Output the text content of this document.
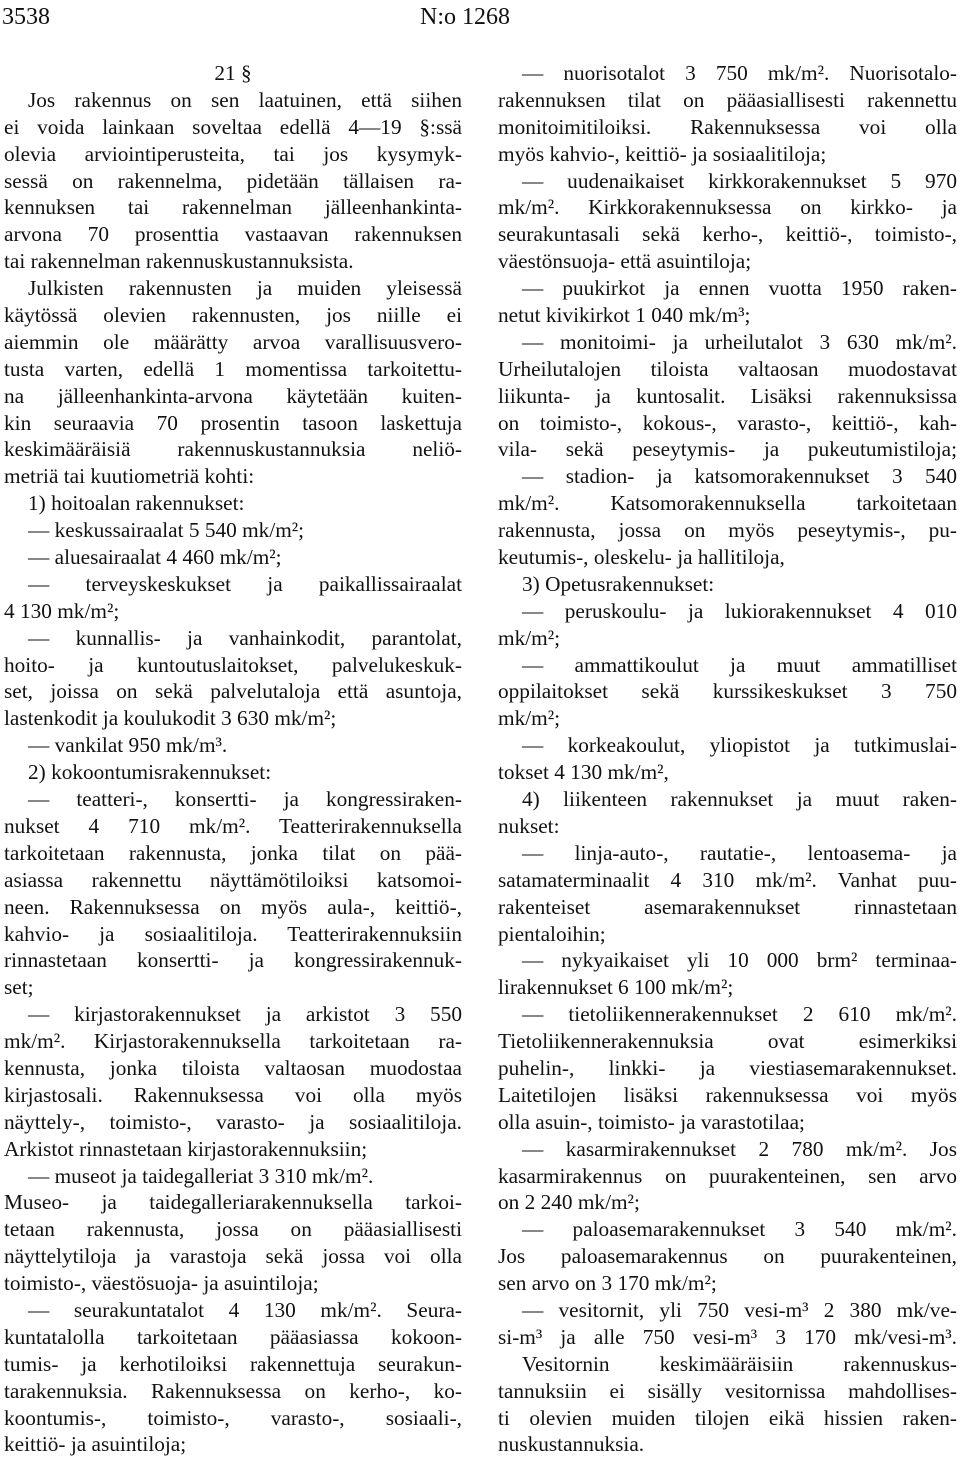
3538	N:o 1268
21 §
Jos rakennus on sen laatuinen, että siihen
ei voida lainkaan soveltaa edellä 4—19 §:ssä
olevia arviointiperusteita, tai jos kysymyk-
sessä on rakennelma, pidetään tällaisen ra-
kennuksen tai rakennelman jälleenhankinta-
arvona 70 prosenttia vastaavan rakennuksen
tai rakennelman rakennuskustannuksista.
Julkisten rakennusten ja muiden yleisessä
käytössä olevien rakennusten, jos niille ei
aiemmin ole määrätty arvoa varallisuusvero-
tusta varten, edellä 1 momentissa tarkoitettu-
na jälleenhankinta-arvona käytetään kuiten-
kin seuraavia 70 prosentin tasoon laskettuja
keskimääräisiä rakennuskustannuksia neliö-
metriä tai kuutiometriä kohti:
1) hoitoalan rakennukset:
— keskussairaalat 5 540 mk/m²;
— aluesairaalat 4 460 mk/m²;
— terveyskeskukset ja paikallissairaalat
4 130 mk/m²;
— kunnallis- ja vanhainkodit, parantolat,
hoito- ja kuntoutuslaitokset, palvelukeskuk-
set, joissa on sekä palvelutaloja että asuntoja,
lastenkodit ja koulukodit 3 630 mk/m²;
— vankilat 950 mk/m³.
2) kokoontumisrakennukset:
— teatteri-, konsertti- ja kongressiraken-
nukset 4 710 mk/m². Teatterirakennuksella
tarkoitetaan rakennusta, jonka tilat on pää-
asiassa rakennettu näyttämötiloiksi katsomoi-
neen. Rakennuksessa on myös aula-, keittiö-,
kahvio- ja sosiaalitiloja. Teatterirakennuksiin
rinnastetaan konsertti- ja kongressirakennuk-
set;
— kirjastorakennukset ja arkistot 3 550
mk/m². Kirjastorakennuksella tarkoitetaan ra-
kennusta, jonka tiloista valtaosan muodostaa
kirjastosali. Rakennuksessa voi olla myös
näyttely-, toimisto-, varasto- ja sosiaalitiloja.
Arkistot rinnastetaan kirjastorakennuksiin;
— museot ja taidegalleriat 3 310 mk/m².
Museo- ja taidegalleriarakennuksella tarkoi-
tetaan rakennusta, jossa on pääasiallisesti
näyttelytiloja ja varastoja sekä jossa voi olla
toimisto-, väestösuoja- ja asuintiloja;
— seurakuntatalot 4 130 mk/m². Seura-
kuntatalolla tarkoitetaan pääasiassa kokoon-
tumis- ja kerhotiloiksi rakennettuja seurakun-
tarakennuksia. Rakennuksessa on kerho-, ko-
koontumis-, toimisto-, varasto-, sosiaali-,
keittiö- ja asuintiloja;
— nuorisotalot 3 750 mk/m². Nuorisotalo-
rakennuksen tilat on pääasiallisesti rakennettu
monitoimitiloiksi. Rakennuksessa voi olla
myös kahvio-, keittiö- ja sosiaalitiloja;
— uudenaikaiset kirkkorakennukset 5 970
mk/m². Kirkkorakennuksessa on kirkko- ja
seurakuntasali sekä kerho-, keittiö-, toimisto-,
väestönsuoja- että asuintiloja;
— puukirkot ja ennen vuotta 1950 raken-
netut kivikirkot 1 040 mk/m³;
— monitoimi- ja urheilutalot 3 630 mk/m².
Urheilutalojen tiloista valtaosan muodostavat
liikunta- ja kuntosalit. Lisäksi rakennuksissa
on toimisto-, kokous-, varasto-, keittiö-, kah-
vila- sekä peseytymis- ja pukeutumistiloja;
— stadion- ja katsomorakennukset 3 540
mk/m². Katsomorakennuksella tarkoitetaan
rakennusta, jossa on myös peseytymis-, pu-
keutumis-, oleskelu- ja hallitiloja,
3) Opetusrakennukset:
— peruskoulu- ja lukiorakennukset 4 010
mk/m²;
— ammattikoulut ja muut ammatilliset
oppilaitokset sekä kurssikeskukset 3 750
mk/m²;
— korkeakoulut, yliopistot ja tutkimuslai-
tokset 4 130 mk/m²,
4) liikenteen rakennukset ja muut raken-
nukset:
— linja-auto-, rautatie-, lentoasema- ja
satamaterminaalit 4 310 mk/m². Vanhat puu-
rakenteiset asemarakennukset rinnastetaan
pientaloihin;
— nykyaikaiset yli 10 000 brm² terminaa-
lirakennukset 6 100 mk/m²;
— tietoliikennerakennukset 2 610 mk/m².
Tietoliikennerakennuksia ovat esimerkiksi
puhelin-, linkki- ja viestiasemarakennukset.
Laitetilojen lisäksi rakennuksessa voi myös
olla asuin-, toimisto- ja varastotilaa;
— kasarmirakennukset 2 780 mk/m². Jos
kasarmirakennus on puurakenteinen, sen arvo
on 2 240 mk/m²;
— paloasemarakennukset 3 540 mk/m².
Jos paloasemarakennus on puurakenteinen,
sen arvo on 3 170 mk/m²;
— vesitornit, yli 750 vesi-m³ 2 380 mk/ve-
si-m³ ja alle 750 vesi-m³ 3 170 mk/vesi-m³.
Vesitornin keskimääräisiin rakennuskus-
tannuksiin ei sisälly vesitornissa mahdollises-
ti olevien muiden tilojen eikä hissien raken-
nuskustannuksia.
